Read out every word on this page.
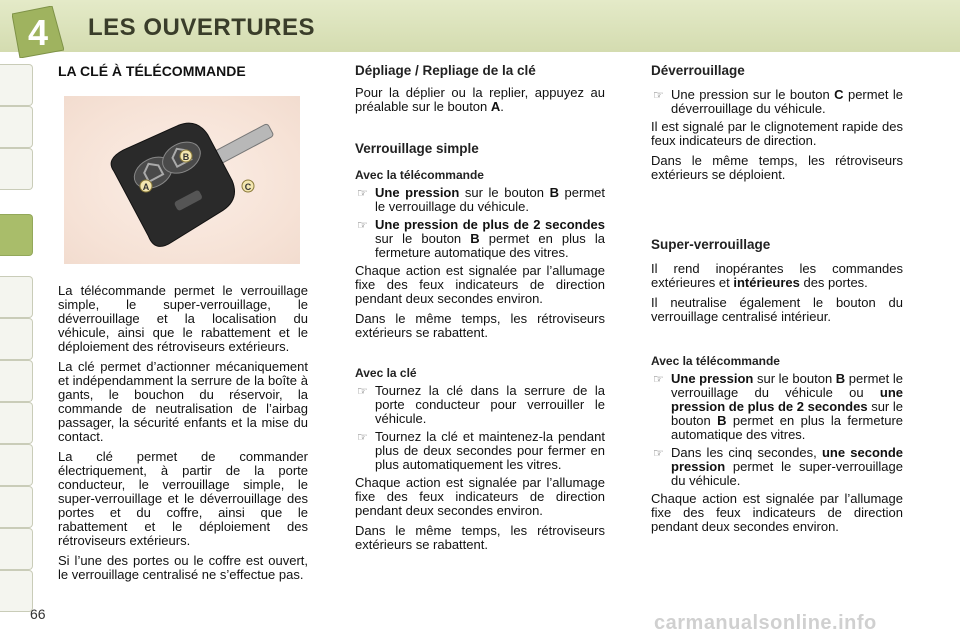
4	LES OUVERTURES
LA CLÉ À TÉLÉCOMMANDE
B
A	C

La télécommande permet le verrouillage simple, le super-verrouillage, le déverrouillage et la localisation du véhicule, ainsi que le rabattement et le déploiement des rétroviseurs extérieurs.

La clé permet d’actionner mécaniquement et indépendamment la serrure de la boîte à gants, le bouchon du réservoir, la commande de neutralisation de l’airbag passager, la sécurité enfants et la mise du contact.

La clé permet de commander électriquement, à partir de la porte conducteur, le verrouillage simple, le super-verrouillage et le déverrouillage des portes et du coffre, ainsi que le rabattement et le déploiement des rétroviseurs extérieurs.

Si l’une des portes ou le coffre est ouvert, le verrouillage centralisé ne s’effectue pas.

Dépliage / Repliage de la clé

Pour la déplier ou la replier, appuyez au préalable sur le bouton A.

Verrouillage simple
Avec la télécommande
☞ Une pression sur le bouton B permet le verrouillage du véhicule.
☞ Une pression de plus de 2 secondes sur le bouton B permet en plus la fermeture automatique des vitres.

Chaque action est signalée par l’allumage fixe des feux indicateurs de direction pendant deux secondes environ.

Dans le même temps, les rétroviseurs extérieurs se rabattent.

Avec la clé
☞ Tournez la clé dans la serrure de la porte conducteur pour verrouiller le véhicule.
☞ Tournez la clé et maintenez-la pendant plus de deux secondes pour fermer en plus automatiquement les vitres.

Chaque action est signalée par l’allumage fixe des feux indicateurs de direction pendant deux secondes environ.

Dans le même temps, les rétroviseurs extérieurs se rabattent.

Déverrouillage
☞ Une pression sur le bouton C permet le déverrouillage du véhicule.

Il est signalé par le clignotement rapide des feux indicateurs de direction.

Dans le même temps, les rétroviseurs extérieurs se déploient.

Super-verrouillage

Il rend inopérantes les commandes extérieures et intérieures des portes.

Il neutralise également le bouton du verrouillage centralisé intérieur.

Avec la télécommande
☞ Une pression sur le bouton B permet le verrouillage du véhicule ou une pression de plus de 2 secondes sur le bouton B permet en plus la fermeture automatique des vitres.
☞ Dans les cinq secondes, une seconde pression permet le super-verrouillage du véhicule.

Chaque action est signalée par l’allumage fixe des feux indicateurs de direction pendant deux secondes environ.

66	carmanualsonline.info
